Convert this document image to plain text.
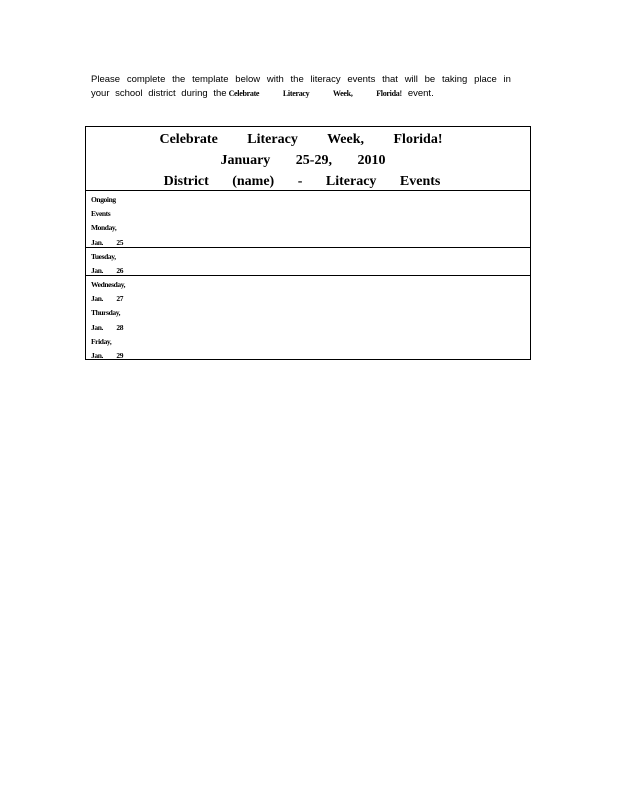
Please complete the template below with the literacy events that will be taking place in
your school district during the Celebrate Literacy Week, Florida! event.
Celebrate Literacy Week, Florida!
January 25-29, 2010
District (name) - Literacy Events
Ongoing
Events
Monday,
Jan. 25
Tuesday,
Jan. 26
Wednesday,
Jan. 27
Thursday,
Jan. 28
Friday,
Jan. 29
